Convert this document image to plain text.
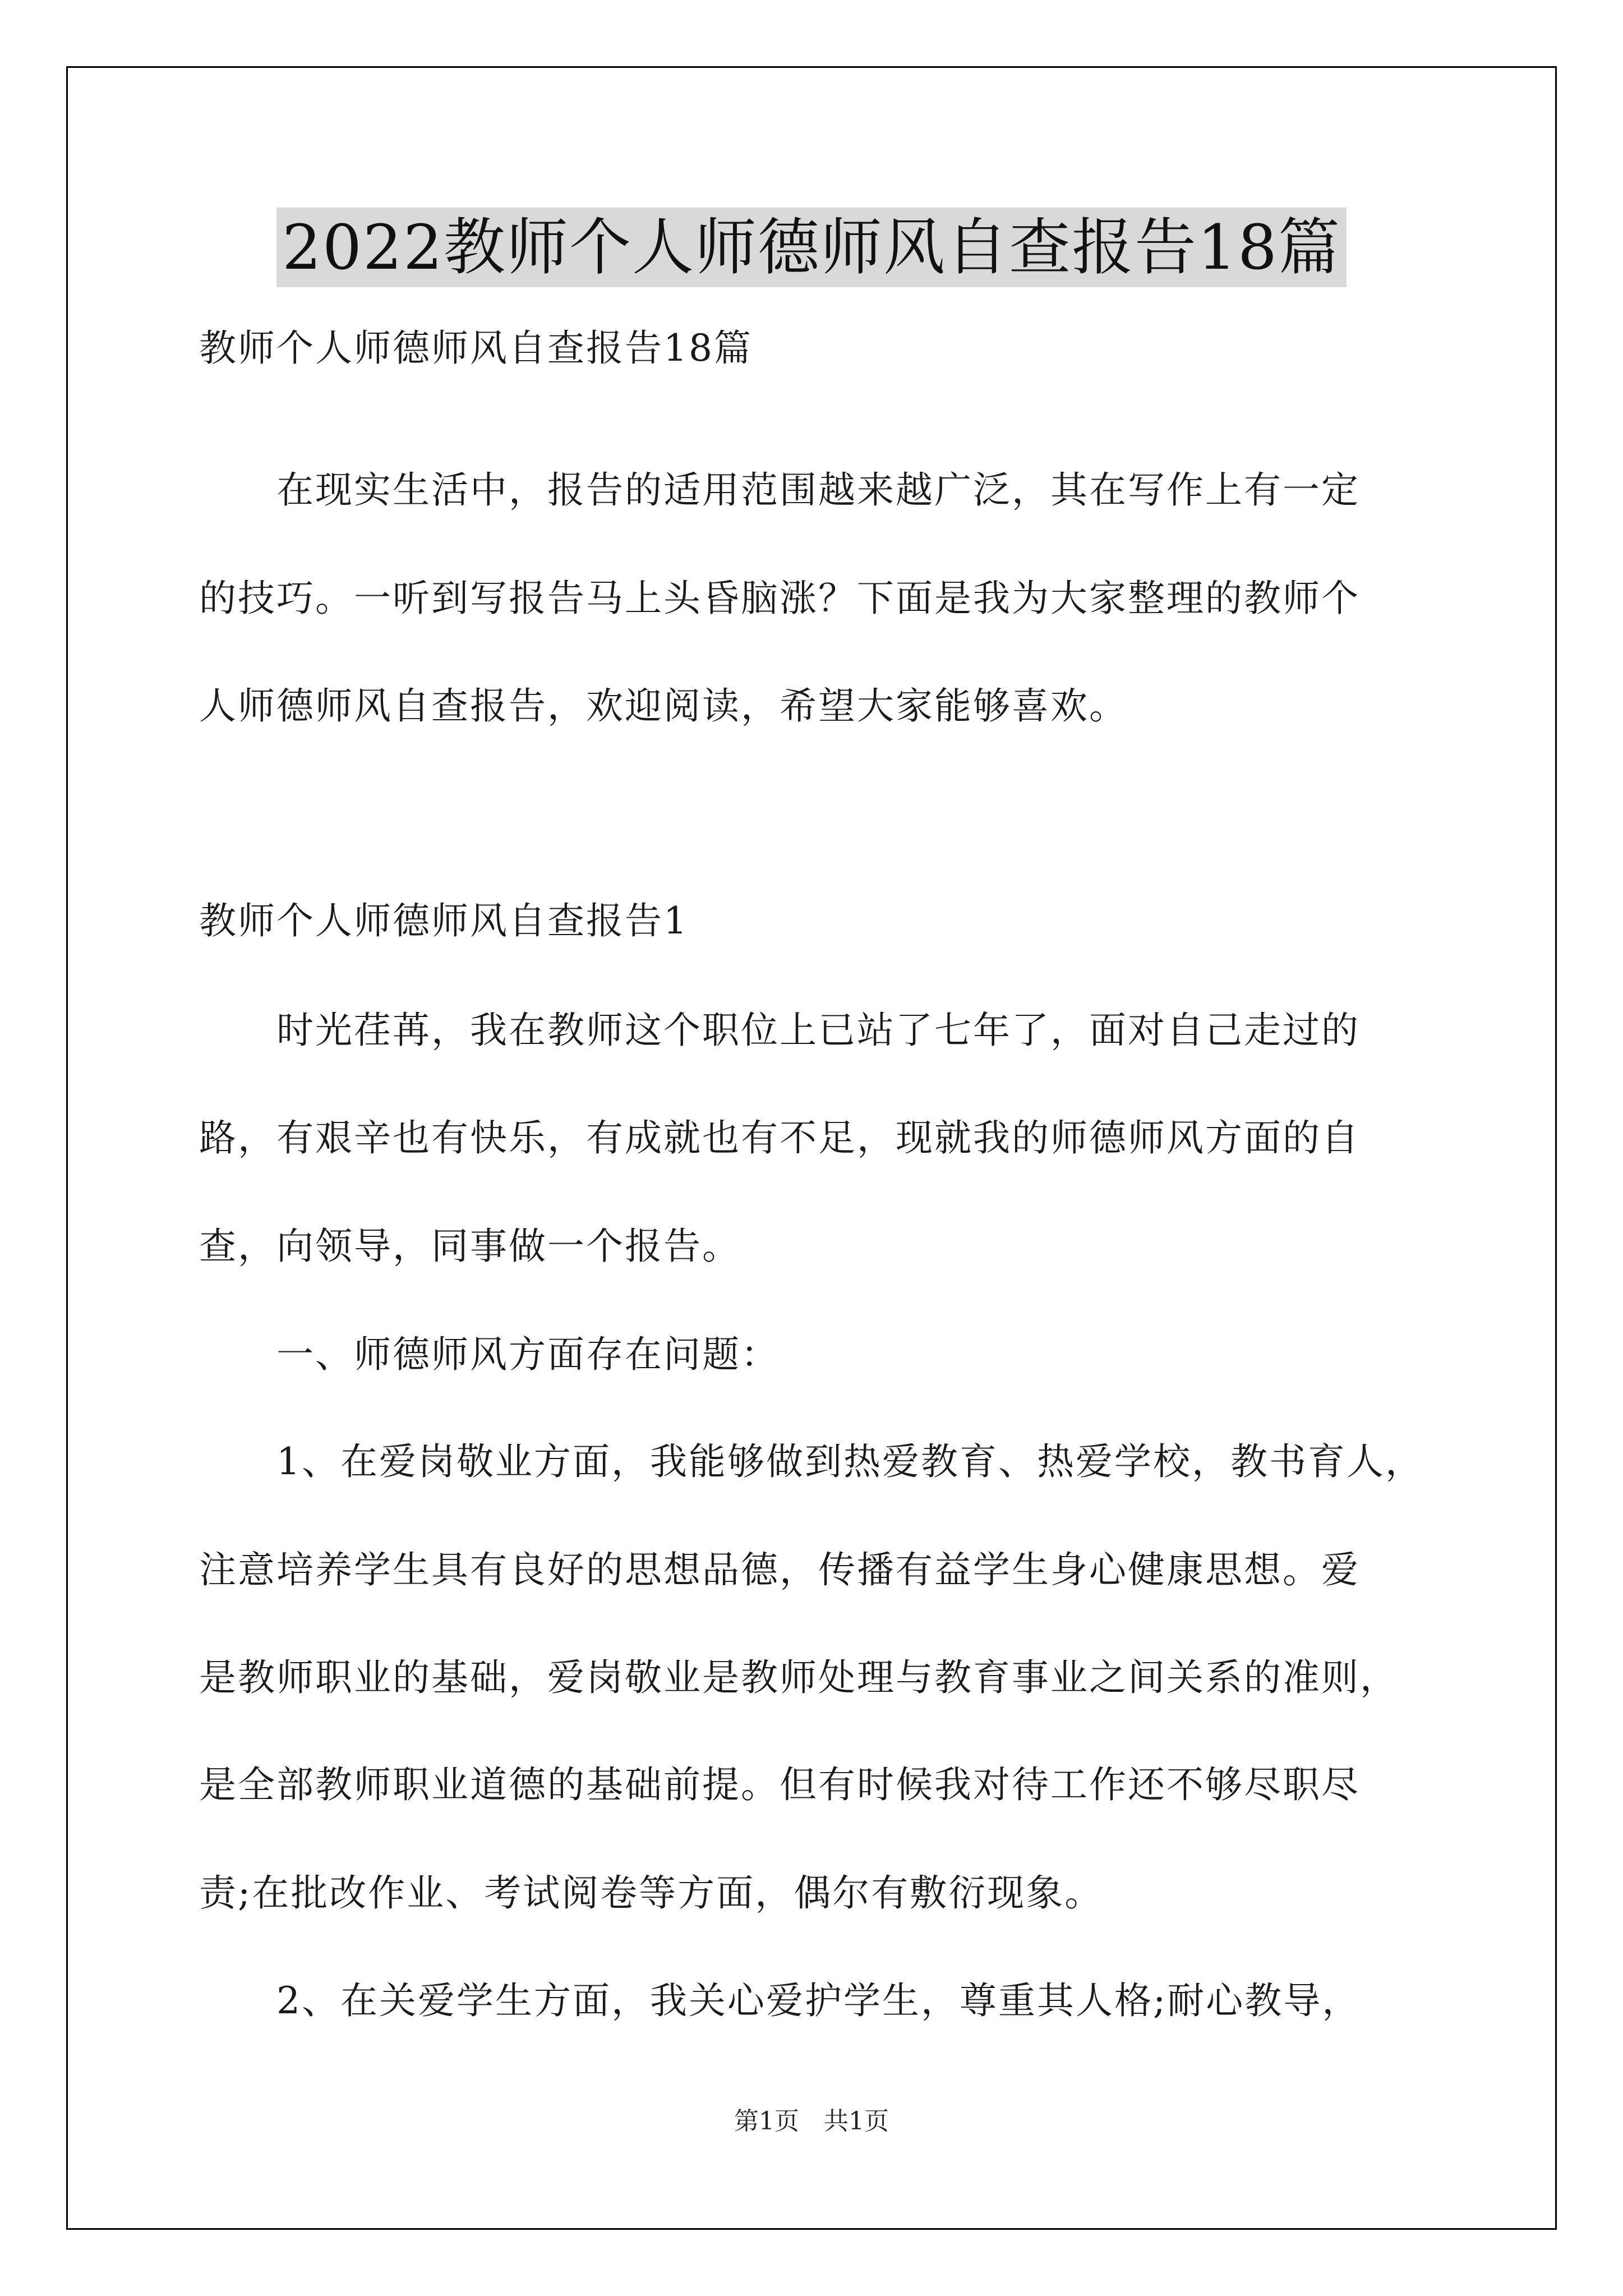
2022教师个人师德师风自查报告18篇

教师个人师德师风自查报告18篇

　　在现实生活中，报告的适用范围越来越广泛，其在写作上有一定

的技巧。一听到写报告马上头昏脑涨？下面是我为大家整理的教师个

人师德师风自查报告，欢迎阅读，希望大家能够喜欢。

教师个人师德师风自查报告1

　　时光荏苒，我在教师这个职位上已站了七年了，面对自己走过的

路，有艰辛也有快乐，有成就也有不足，现就我的师德师风方面的自

查，向领导，同事做一个报告。

　　一、师德师风方面存在问题：

　　1、在爱岗敬业方面，我能够做到热爱教育、热爱学校，教书育人，

注意培养学生具有良好的思想品德，传播有益学生身心健康思想。爱

是教师职业的基础，爱岗敬业是教师处理与教育事业之间关系的准则，

是全部教师职业道德的基础前提。但有时候我对待工作还不够尽职尽

责;在批改作业、考试阅卷等方面，偶尔有敷衍现象。

　　2、在关爱学生方面，我关心爱护学生，尊重其人格;耐心教导，

第1页　共1页
